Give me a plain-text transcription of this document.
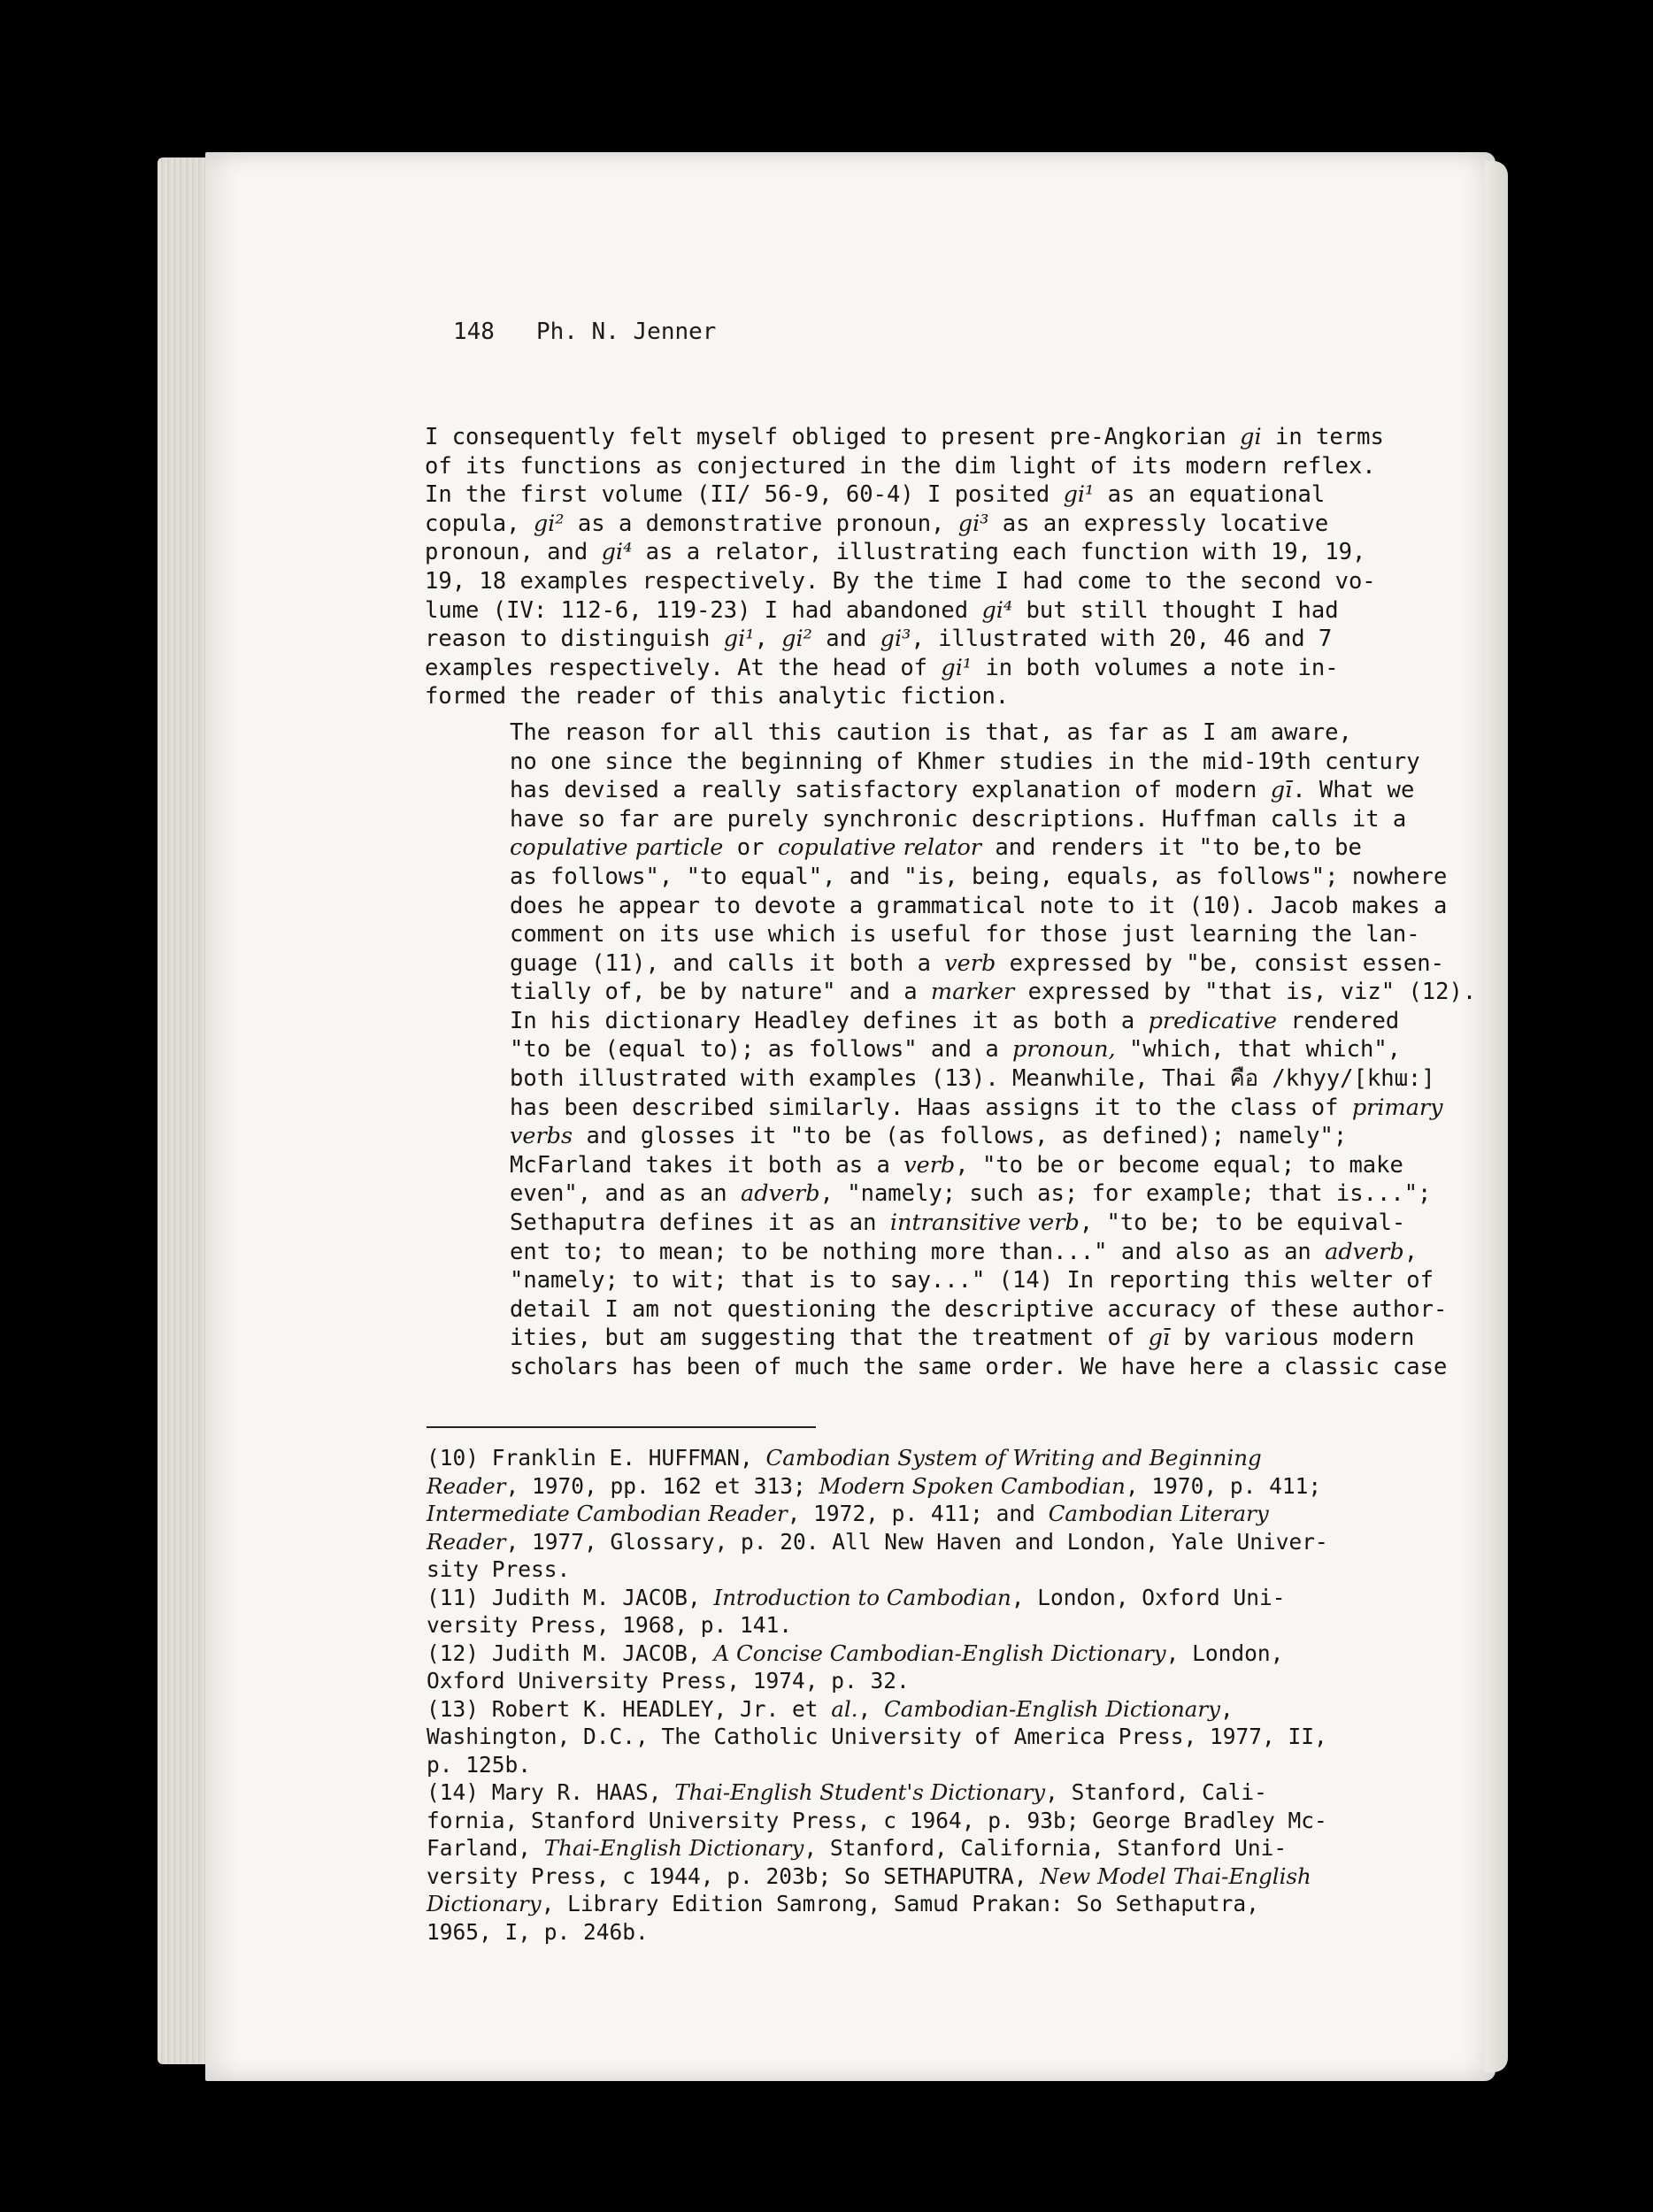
148 Ph. N. Jenner

I consequently felt myself obliged to present pre-Angkorian gi in terms
of its functions as conjectured in the dim light of its modern reflex.
In the first volume (II/ 56-9, 60-4) I posited gi¹ as an equational
copula, gi² as a demonstrative pronoun, gi³ as an expressly locative
pronoun, and gi⁴ as a relator, illustrating each function with 19, 19,
19, 18 examples respectively. By the time I had come to the second vo-
lume (IV: 112-6, 119-23) I had abandoned gi⁴ but still thought I had
reason to distinguish gi¹, gi² and gi³, illustrated with 20, 46 and 7
examples respectively. At the head of gi¹ in both volumes a note in-
formed the reader of this analytic fiction.

The reason for all this caution is that, as far as I am aware,
no one since the beginning of Khmer studies in the mid-19th century
has devised a really satisfactory explanation of modern gī. What we
have so far are purely synchronic descriptions. Huffman calls it a
copulative particle or copulative relator and renders it "to be,to be
as follows", "to equal", and "is, being, equals, as follows"; nowhere
does he appear to devote a grammatical note to it (10). Jacob makes a
comment on its use which is useful for those just learning the lan-
guage (11), and calls it both a verb expressed by "be, consist essen-
tially of, be by nature" and a marker expressed by "that is, viz" (12).
In his dictionary Headley defines it as both a predicative rendered
"to be (equal to); as follows" and a pronoun, "which, that which",
both illustrated with examples (13). Meanwhile, Thai คือ /khyy/[khɯ:]
has been described similarly. Haas assigns it to the class of primary
verbs and glosses it "to be (as follows, as defined); namely";
McFarland takes it both as a verb, "to be or become equal; to make
even", and as an adverb, "namely; such as; for example; that is...";
Sethaputra defines it as an intransitive verb, "to be; to be equival-
ent to; to mean; to be nothing more than..." and also as an adverb,
"namely; to wit; that is to say..." (14) In reporting this welter of
detail I am not questioning the descriptive accuracy of these author-
ities, but am suggesting that the treatment of gī by various modern
scholars has been of much the same order. We have here a classic case

(10) Franklin E. HUFFMAN, Cambodian System of Writing and Beginning
Reader, 1970, pp. 162 et 313; Modern Spoken Cambodian, 1970, p. 411;
Intermediate Cambodian Reader, 1972, p. 411; and Cambodian Literary
Reader, 1977, Glossary, p. 20. All New Haven and London, Yale Univer-
sity Press.

(11) Judith M. JACOB, Introduction to Cambodian, London, Oxford Uni-
versity Press, 1968, p. 141.

(12) Judith M. JACOB, A Concise Cambodian-English Dictionary, London,
Oxford University Press, 1974, p. 32.

(13) Robert K. HEADLEY, Jr. et al., Cambodian-English Dictionary,
Washington, D.C., The Catholic University of America Press, 1977, II,
p. 125b.

(14) Mary R. HAAS, Thai-English Student's Dictionary, Stanford, Cali-
fornia, Stanford University Press, c 1964, p. 93b; George Bradley Mc-
Farland, Thai-English Dictionary, Stanford, California, Stanford Uni-
versity Press, c 1944, p. 203b; So SETHAPUTRA, New Model Thai-English
Dictionary, Library Edition Samrong, Samud Prakan: So Sethaputra,
1965, I, p. 246b.
